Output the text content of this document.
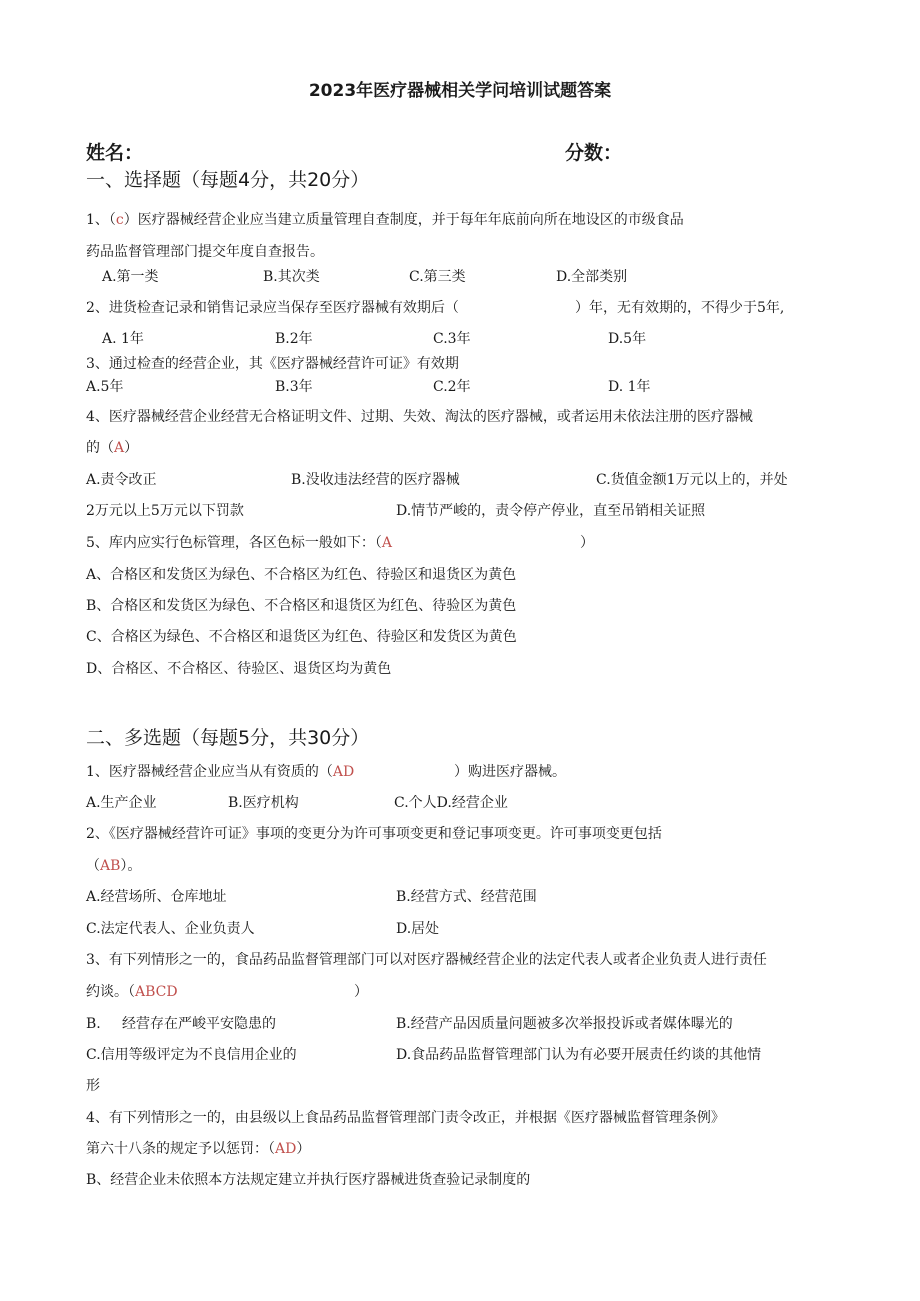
2023年医疗器械相关学问培训试题答案
姓名：	分数：
一、选择题（每题4分，共20分）
1、（c）医疗器械经营企业应当建立质量管理自查制度，并于每年年底前向所在地设区的市级食品
药品监督管理部门提交年度自查报告。
A.第一类	B.其次类	C.第三类	D.全部类别
2、进货检查记录和销售记录应当保存至医疗器械有效期后（	）年，无有效期的，不得少于5年,
A. 1年	B.2年	C.3年	D.5年
3、通过检查的经营企业，其《医疗器械经营许可证》有效期
A.5年	B.3年	C.2年	D. 1年
4、医疗器械经营企业经营无合格证明文件、过期、失效、淘汰的医疗器械，或者运用未依法注册的医疗器械
的（A）
A.责令改正	B.没收违法经营的医疗器械	C.货值金额1万元以上的，并处
2万元以上5万元以下罚款	D.情节严峻的，责令停产停业，直至吊销相关证照
5、库内应实行色标管理，各区色标一般如下：（A	）
A、合格区和发货区为绿色、不合格区为红色、待验区和退货区为黄色
B、合格区和发货区为绿色、不合格区和退货区为红色、待验区为黄色
C、合格区为绿色、不合格区和退货区为红色、待验区和发货区为黄色
D、合格区、不合格区、待验区、退货区均为黄色
二、多选题（每题5分，共30分）
1、医疗器械经营企业应当从有资质的（AD	）购进医疗器械。
A.生产企业	B.医疗机构	C.个人D.经营企业
2、《医疗器械经营许可证》事项的变更分为许可事项变更和登记事项变更。许可事项变更包括
（AB）。
A.经营场所、仓库地址	B.经营方式、经营范围
C.法定代表人、企业负责人	D.居处
3、有下列情形之一的，食品药品监督管理部门可以对医疗器械经营企业的法定代表人或者企业负责人进行责任
约谈。（ABCD	）
B. 经营存在严峻平安隐患的	B.经营产品因质量问题被多次举报投诉或者媒体曝光的
C.信用等级评定为不良信用企业的	D.食品药品监督管理部门认为有必要开展责任约谈的其他情
形
4、有下列情形之一的，由县级以上食品药品监督管理部门责令改正，并根据《医疗器械监督管理条例》
第六十八条的规定予以惩罚：（AD）
B、经营企业未依照本方法规定建立并执行医疗器械进货查验记录制度的
